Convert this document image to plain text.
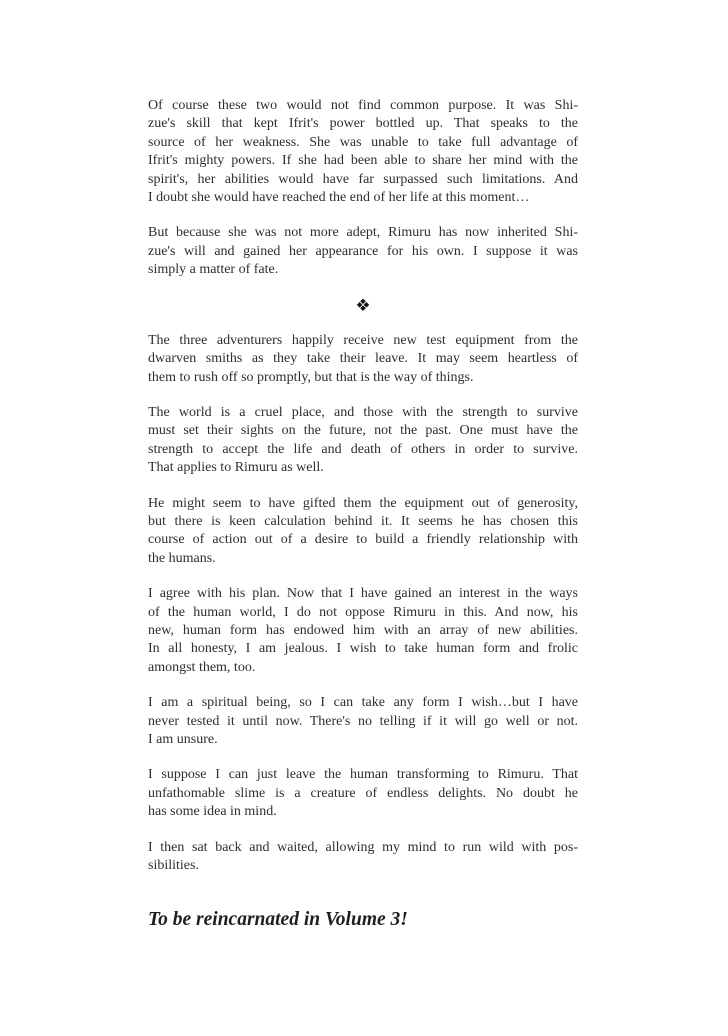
Of course these two would not find common purpose. It was Shi-
zue's skill that kept Ifrit's power bottled up. That speaks to the
source of her weakness. She was unable to take full advantage of
Ifrit's mighty powers. If she had been able to share her mind with the
spirit's, her abilities would have far surpassed such limitations. And
I doubt she would have reached the end of her life at this moment…
But because she was not more adept, Rimuru has now inherited Shi-
zue's will and gained her appearance for his own. I suppose it was
simply a matter of fate.
❖
The three adventurers happily receive new test equipment from the
dwarven smiths as they take their leave. It may seem heartless of
them to rush off so promptly, but that is the way of things.
The world is a cruel place, and those with the strength to survive
must set their sights on the future, not the past. One must have the
strength to accept the life and death of others in order to survive.
That applies to Rimuru as well.
He might seem to have gifted them the equipment out of generosity,
but there is keen calculation behind it. It seems he has chosen this
course of action out of a desire to build a friendly relationship with
the humans.
I agree with his plan. Now that I have gained an interest in the ways
of the human world, I do not oppose Rimuru in this. And now, his
new, human form has endowed him with an array of new abilities.
In all honesty, I am jealous. I wish to take human form and frolic
amongst them, too.
I am a spiritual being, so I can take any form I wish…but I have
never tested it until now. There's no telling if it will go well or not.
I am unsure.
I suppose I can just leave the human transforming to Rimuru. That
unfathomable slime is a creature of endless delights. No doubt he
has some idea in mind.
I then sat back and waited, allowing my mind to run wild with pos-
sibilities.
To be reincarnated in Volume 3!
